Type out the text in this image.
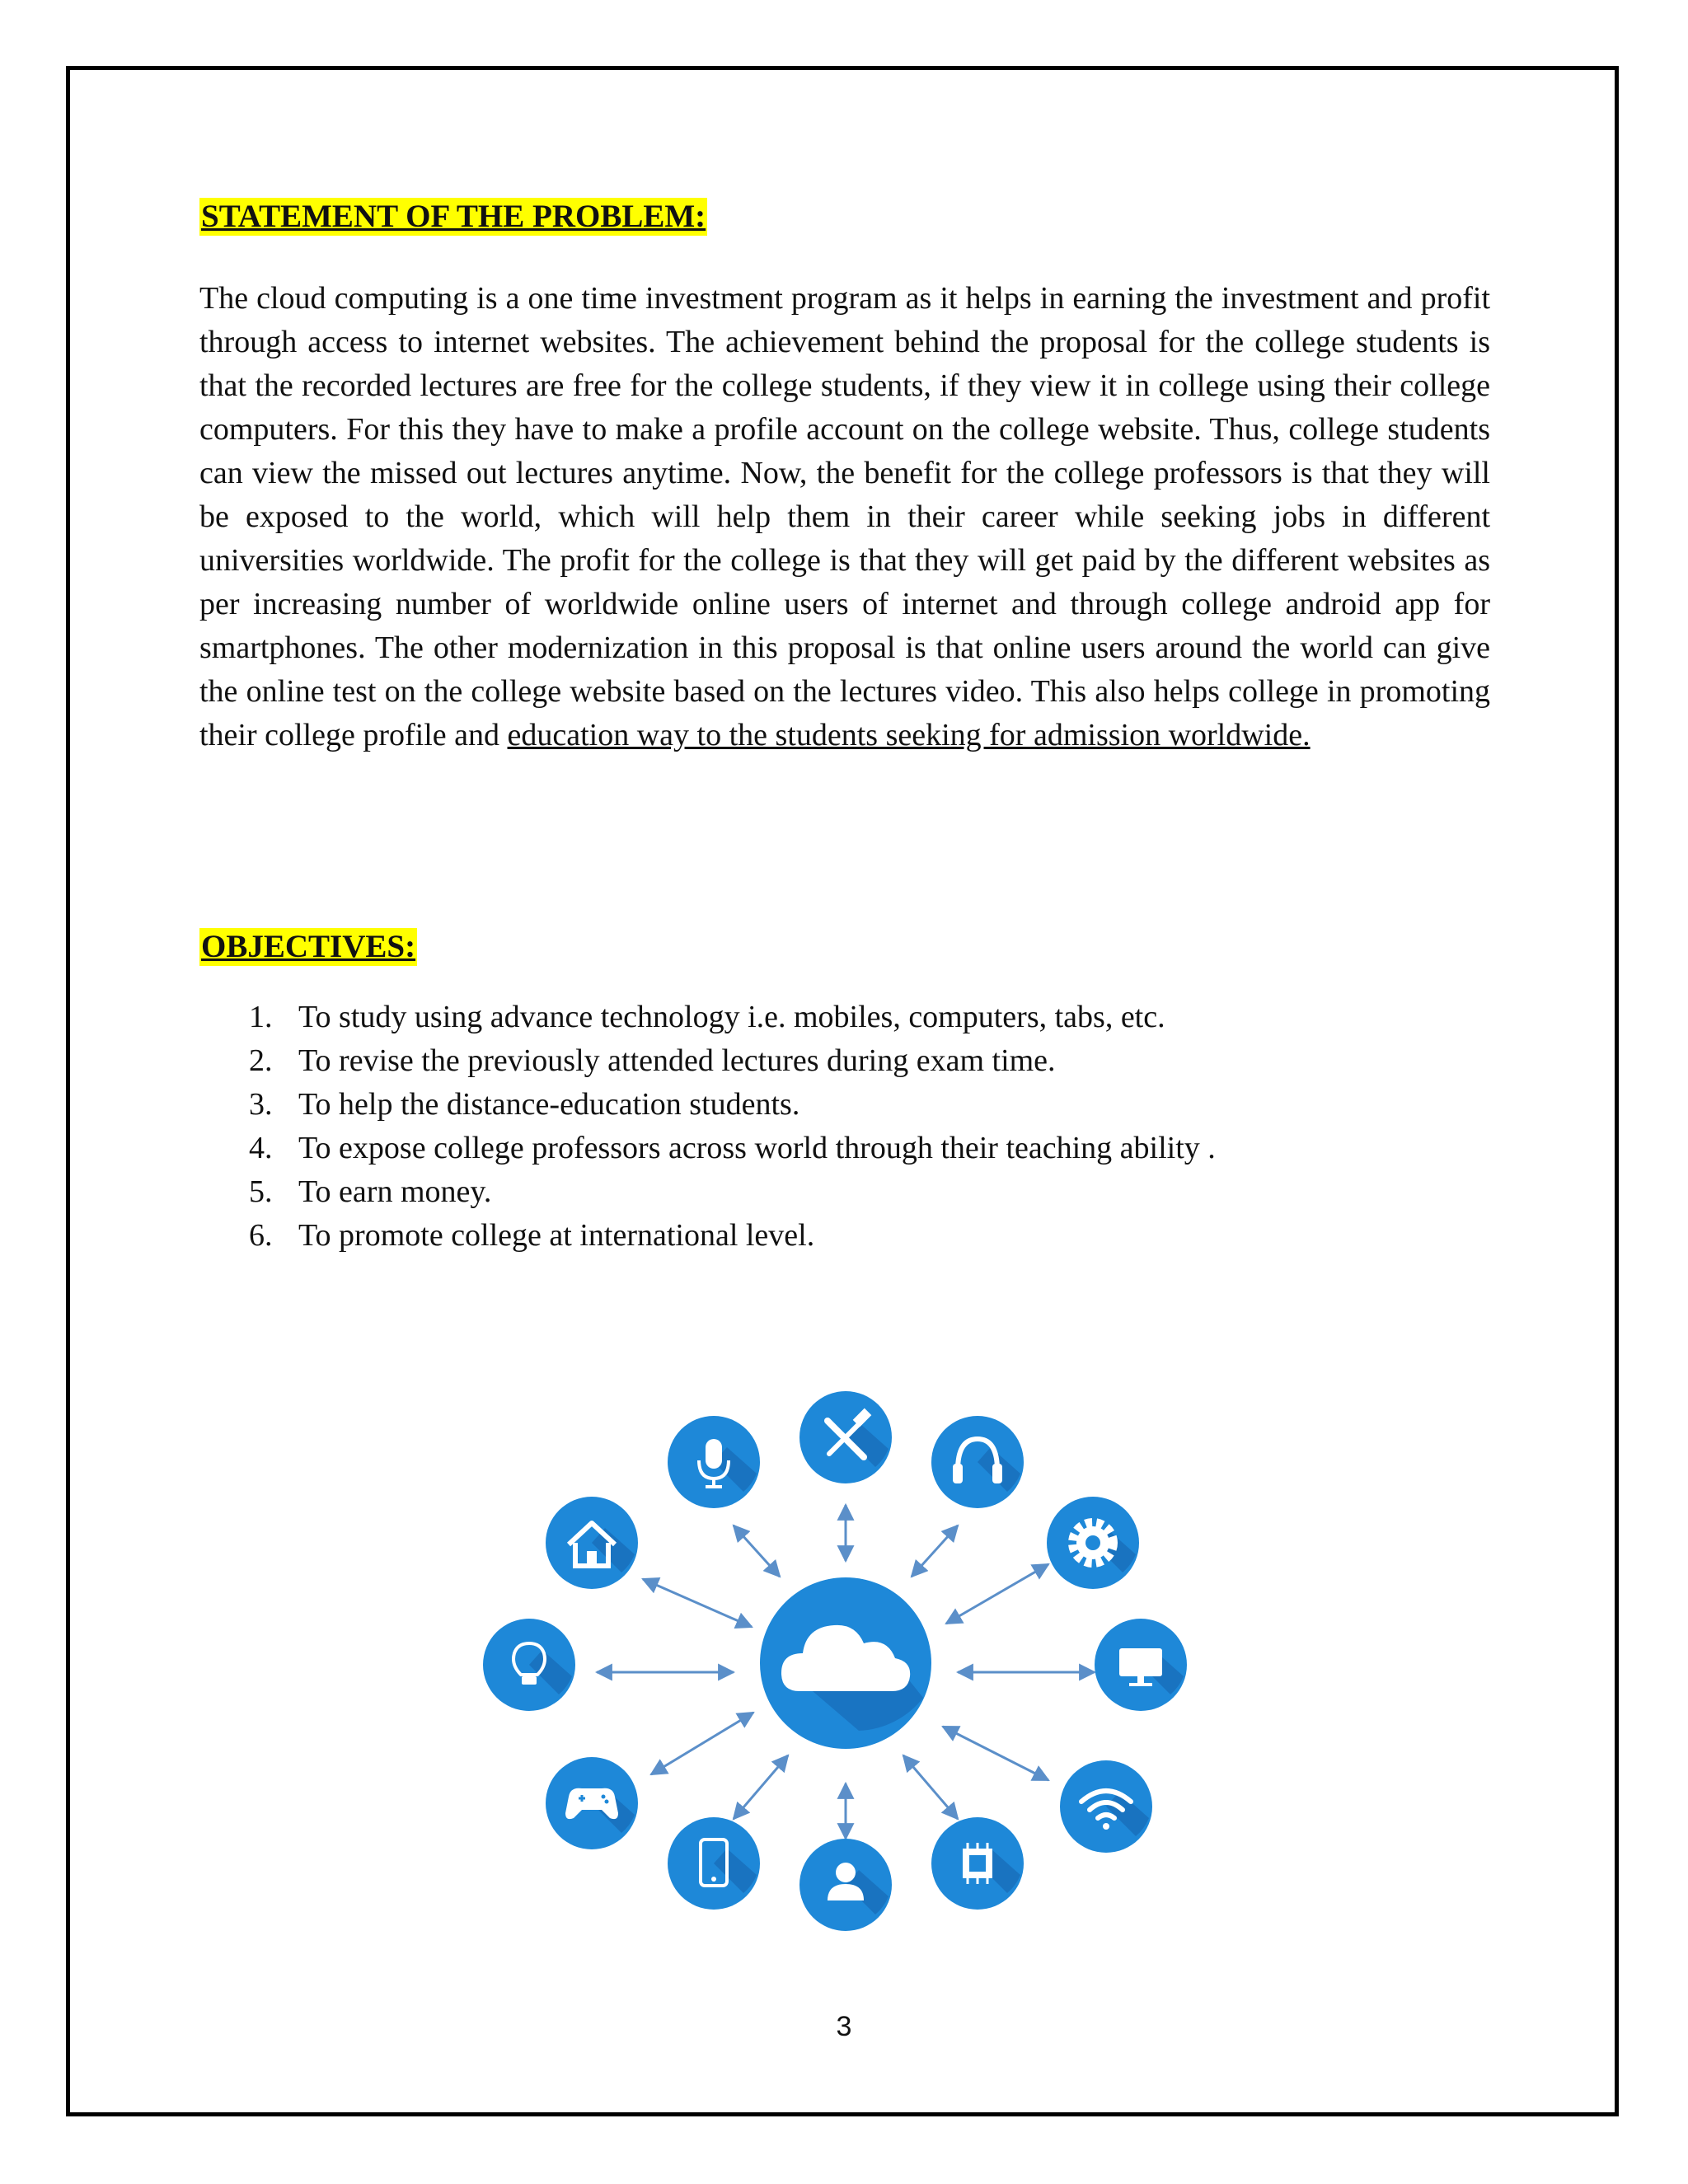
STATEMENT OF THE PROBLEM:

The cloud computing is a one time investment program as it helps in earning the investment and profit through access to internet websites. The achievement behind the proposal for the college students is that the recorded lectures are free for the college students, if they view it in college using their college computers. For this they have to make a profile account on the college website. Thus, college students can view the missed out lectures anytime. Now, the benefit for the college professors is that they will be exposed to the world, which will help them in their career while seeking jobs in different universities worldwide. The profit for the college is that they will get paid by the different websites as per increasing number of worldwide online users of internet and through college android app for smartphones. The other modernization in this proposal is that online users around the world can give the online test on the college website based on the lectures video. This also helps college in promoting their college profile and education way to the students seeking for admission worldwide.

OBJECTIVES:
1. To study using advance technology i.e. mobiles, computers, tabs, etc.
2. To revise the previously attended lectures during exam time.
3. To help the distance-education students.
4. To expose college professors across world through their teaching ability .
5. To earn money.
6. To promote college at international level.
3
